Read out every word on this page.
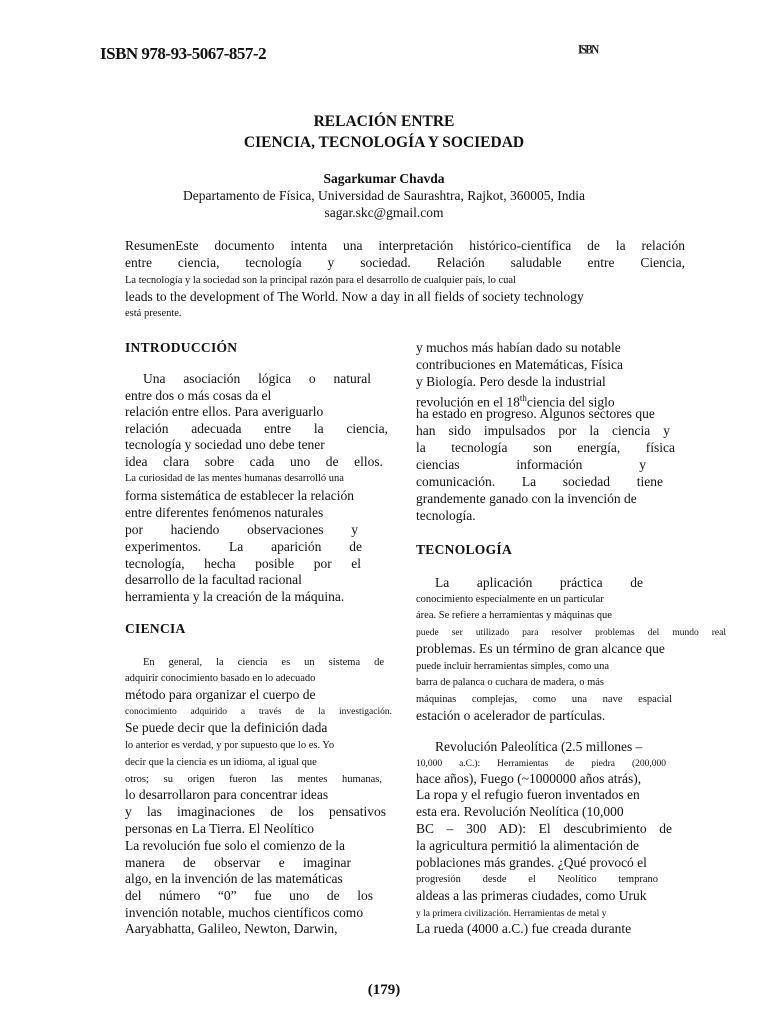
ISBN 978-93-5067-857-2	ISBN
RELACIÓN ENTRE
CIENCIA, TECNOLOGÍA Y SOCIEDAD
Sagarkumar Chavda
Departamento de Física, Universidad de Saurashtra, Rajkot, 360005, India
sagar.skc@gmail.com
ResumenEste documento intenta una interpretación histórico-científica de la relación
entre ciencia, tecnología y sociedad. Relación saludable entre Ciencia,
La tecnología y la sociedad son la principal razón para el desarrollo de cualquier país, lo cual
leads to the development of The World. Now a day in all fields of society technology
está presente.
INTRODUCCIÓN
Una asociación lógica o natural
entre dos o más cosas da el
relación entre ellos. Para averiguarlo
relación adecuada entre la ciencia,
tecnología y sociedad uno debe tener
idea clara sobre cada uno de ellos.
La curiosidad de las mentes humanas desarrolló una
forma sistemática de establecer la relación
entre diferentes fenómenos naturales
por haciendo observaciones y
experimentos. La aparición de
tecnología, hecha posible por el
desarrollo de la facultad racional
herramienta y la creación de la máquina.
CIENCIA
En general, la ciencia es un sistema de
adquirir conocimiento basado en lo adecuado
método para organizar el cuerpo de
conocimiento adquirido a través de la investigación.
Se puede decir que la definición dada
lo anterior es verdad, y por supuesto que lo es. Yo
decir que la ciencia es un idioma, al igual que
otros; su origen fueron las mentes humanas,
lo desarrollaron para concentrar ideas
y las imaginaciones de los pensativos
personas en La Tierra. El Neolítico
La revolución fue solo el comienzo de la
manera de observar e imaginar
algo, en la invención de las matemáticas
del número “0” fue uno de los
invención notable, muchos científicos como
Aaryabhatta, Galileo, Newton, Darwin,
y muchos más habían dado su notable
contribuciones en Matemáticas, Física
y Biología. Pero desde la industrial
revolución en el 18thciencia del siglo
ha estado en progreso. Algunos sectores que
han sido impulsados por la ciencia y
la tecnología son energía, física
ciencias información y
comunicación. La sociedad tiene
grandemente ganado con la invención de
tecnología.
TECNOLOGÍA
La aplicación práctica de
conocimiento especialmente en un particular
área. Se refiere a herramientas y máquinas que
puede ser utilizado para resolver problemas del mundo real
problemas. Es un término de gran alcance que
puede incluir herramientas simples, como una
barra de palanca o cuchara de madera, o más
máquinas complejas, como una nave espacial
estación o acelerador de partículas.
Revolución Paleolítica (2.5 millones –
10,000 a.C.): Herramientas de piedra (200,000
hace años), Fuego (~1000000 años atrás),
La ropa y el refugio fueron inventados en
esta era. Revolución Neolítica (10,000
BC – 300 AD): El descubrimiento de
la agricultura permitió la alimentación de
poblaciones más grandes. ¿Qué provocó el
progresión desde el Neolítico temprano
aldeas a las primeras ciudades, como Uruk
y la primera civilización. Herramientas de metal y
La rueda (4000 a.C.) fue creada durante
(179)
